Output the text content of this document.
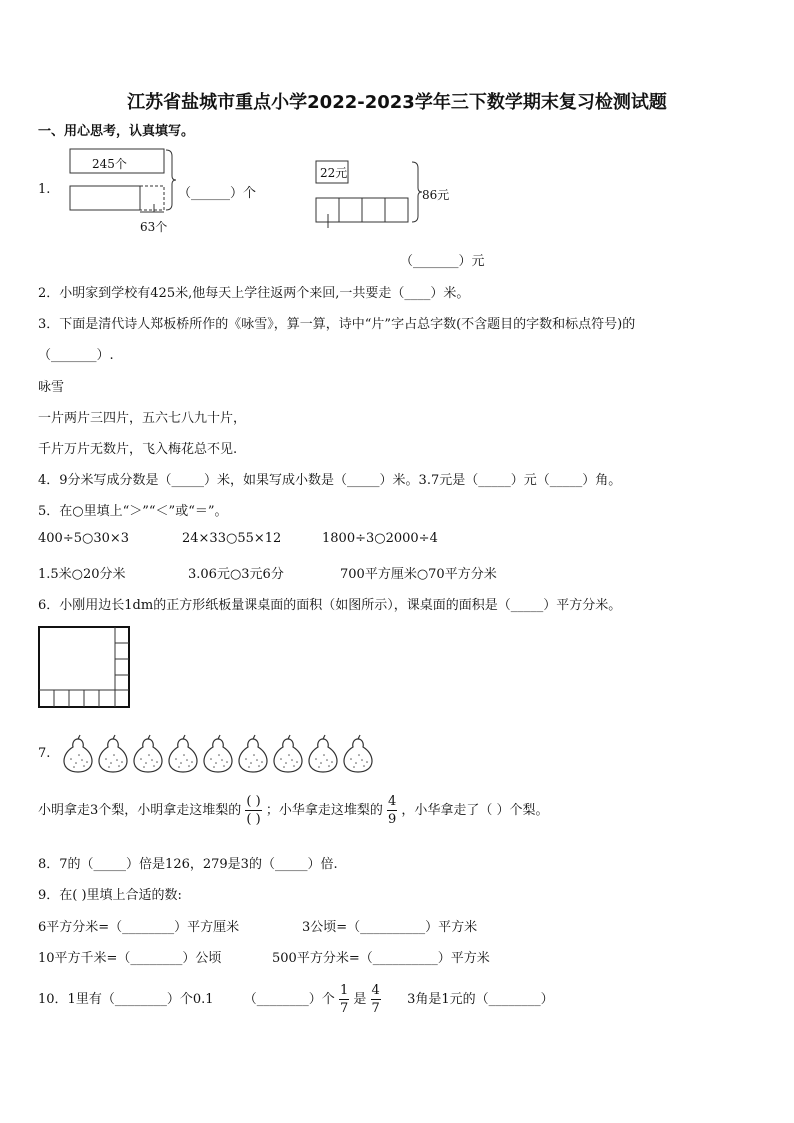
江苏省盐城市重点小学2022-2023学年三下数学期末复习检测试题
一、用心思考，认真填写。
1.
245个
63个
（______）个
22元
86元
（_______）元
2．小明家到学校有425米,他每天上学往返两个来回,一共要走（____）米。
3．下面是清代诗人郑板桥所作的《咏雪》，算一算，诗中“片”字占总字数(不含题目的字数和标点符号)的
（_______）.
咏雪
一片两片三四片，五六七八九十片，
千片万片无数片，飞入梅花总不见.
4．9分米写成分数是（_____）米，如果写成小数是（_____）米。3.7元是（_____）元（_____）角。
5．在○里填上“＞”“＜”或“＝”。
400÷5○30×3	24×33○55×12	1800÷3○2000÷4
1.5米○20分米	3.06元○3元6分	700平方厘米○70平方分米
6．小刚用边长1dm的正方形纸板量课桌面的面积（如图所示），课桌面的面积是（_____）平方分米。
7.
小明拿走3个梨，小明拿走这堆梨的 $\frac{( )}{( )}$ ；小华拿走这堆梨的 $\frac{4}{9}$ ，小华拿走了（ ）个梨。
8．7的（_____）倍是126，279是3的（_____）倍.
9．在( )里填上合适的数:
6平方分米=（________）平方厘米	3公顷=（__________）平方米
10平方千米=（________）公顷	500平方分米=（__________）平方米
10．1里有（________）个0.1 （________）个 $\frac{1}{7}$ 是 $\frac{4}{7} 3$角是1元的（________）
